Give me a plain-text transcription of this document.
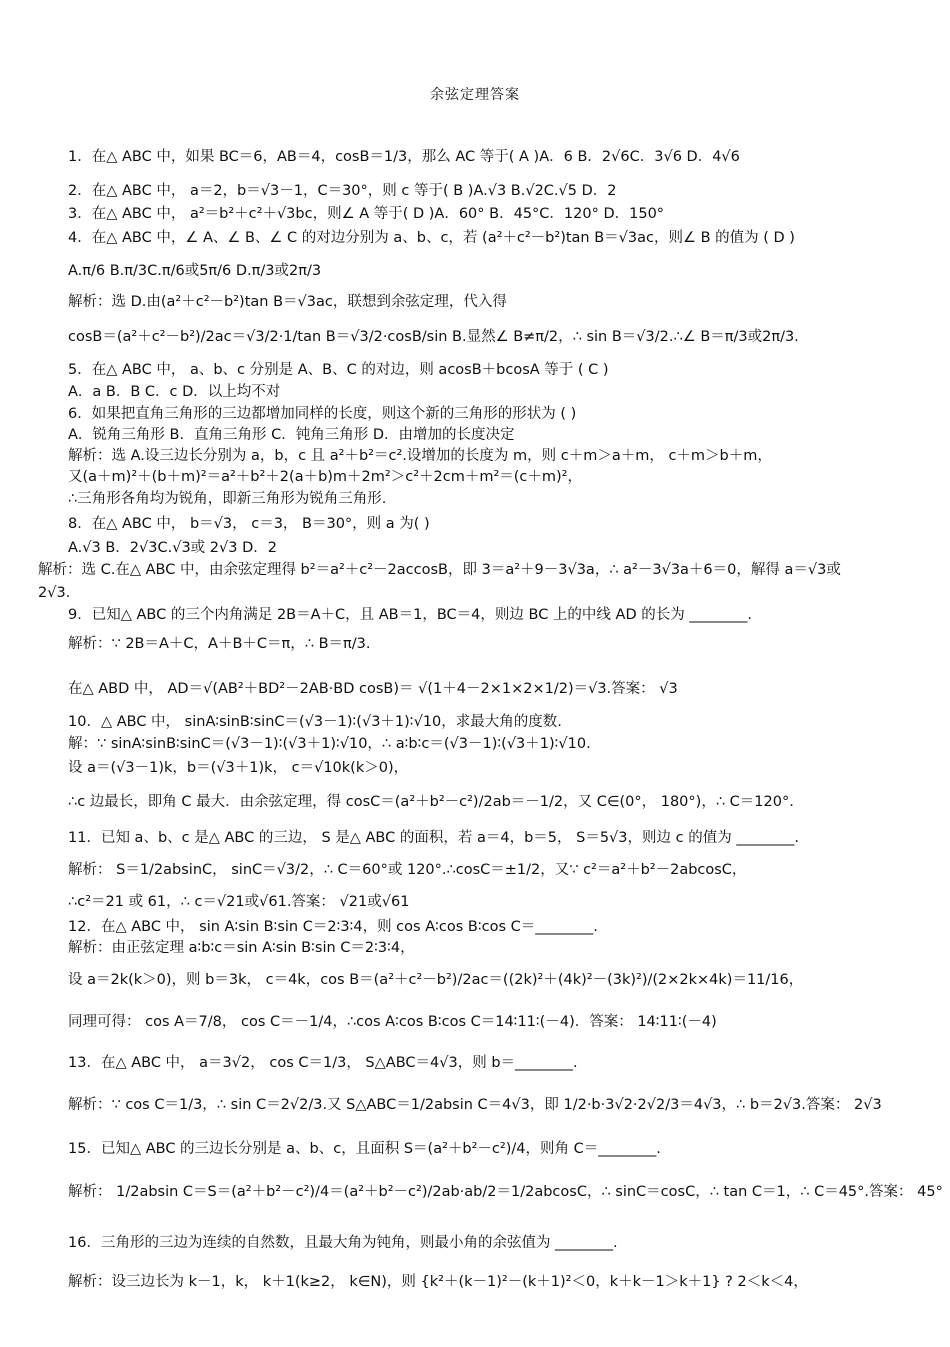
余弦定理答案
1．在△ ABC 中，如果 BC＝6，AB＝4，cosB＝1/3，那么 AC 等于( A )A．6 B．2√6C．3√6 D．4√6
2．在△ ABC 中， a＝2，b＝√3－1，C＝30°，则 c 等于( B )A.√3 B.√2C.√5 D．2
3．在△ ABC 中， a²＝b²＋c²＋√3bc，则∠ A 等于( D )A．60° B．45°C．120° D．150°
4．在△ ABC 中，∠ A、∠ B、∠ C 的对边分别为 a、b、c，若 (a²＋c²－b²)tan B＝√3ac，则∠ B 的值为 ( D )
A.π/6 B.π/3C.π/6或5π/6 D.π/3或2π/3
解析：选 D.由(a²＋c²－b²)tan B＝√3ac，联想到余弦定理，代入得
cosB＝(a²＋c²－b²)/2ac＝√3/2·1/tan B＝√3/2·cosB/sin B.显然∠ B≠π/2，∴ sin B＝√3/2.∴∠ B＝π/3或2π/3.
5．在△ ABC 中， a、b、c 分别是 A、B、C 的对边，则 acosB＋bcosA 等于 ( C )
A．a B．B C．c D．以上均不对
6．如果把直角三角形的三边都增加同样的长度，则这个新的三角形的形状为 ( )
A．锐角三角形 B．直角三角形 C．钝角三角形 D．由增加的长度决定
解析：选 A.设三边长分别为 a，b，c 且 a²＋b²＝c².设增加的长度为 m，则 c＋m＞a＋m， c＋m＞b＋m，
又(a＋m)²＋(b＋m)²＝a²＋b²＋2(a＋b)m＋2m²＞c²＋2cm＋m²＝(c＋m)²，
∴三角形各角均为锐角，即新三角形为锐角三角形.
8．在△ ABC 中， b＝√3， c＝3， B＝30°，则 a 为( )
A.√3 B．2√3C.√3或 2√3 D．2
解析：选 C.在△ ABC 中，由余弦定理得 b²＝a²＋c²－2accosB，即 3＝a²＋9－3√3a，∴ a²－3√3a＋6＝0，解得 a＝√3或
2√3.
9．已知△ ABC 的三个内角满足 2B＝A＋C，且 AB＝1，BC＝4，则边 BC 上的中线 AD 的长为 ________.
解析：∵ 2B＝A＋C，A＋B＋C＝π，∴ B＝π/3.
在△ ABD 中， AD＝√(AB²＋BD²－2AB·BD cosB)＝ √(1＋4－2×1×2×1/2)＝√3.答案： √3
10．△ ABC 中， sinA∶sinB∶sinC＝(√3－1)∶(√3＋1)∶√10，求最大角的度数.
解：∵ sinA∶sinB∶sinC＝(√3－1)∶(√3＋1)∶√10，∴ a∶b∶c＝(√3－1)∶(√3＋1)∶√10.
设 a＝(√3－1)k，b＝(√3＋1)k， c＝√10k(k＞0)，
∴c 边最长，即角 C 最大．由余弦定理，得 cosC＝(a²＋b²－c²)/2ab＝－1/2，又 C∈(0°， 180°)，∴ C＝120°.
11．已知 a、b、c 是△ ABC 的三边， S 是△ ABC 的面积，若 a＝4，b＝5， S＝5√3，则边 c 的值为 ________.
解析： S＝1/2absinC， sinC＝√3/2，∴ C＝60°或 120°.∴cosC＝±1/2，又∵ c²＝a²＋b²－2abcosC，
∴c²＝21 或 61，∴ c＝√21或√61.答案： √21或√61
12．在△ ABC 中， sin A∶sin B∶sin C＝2∶3∶4，则 cos A∶cos B∶cos C＝________.
解析：由正弦定理 a∶b∶c＝sin A∶sin B∶sin C＝2∶3∶4，
设 a＝2k(k＞0)，则 b＝3k， c＝4k，cos B＝(a²＋c²－b²)/2ac＝((2k)²＋(4k)²－(3k)²)/(2×2k×4k)＝11/16，
同理可得： cos A＝7/8， cos C＝－1/4，∴cos A∶cos B∶cos C＝14∶11∶(－4)．答案： 14∶11∶(－4)
13．在△ ABC 中， a＝3√2， cos C＝1/3， S△ABC＝4√3，则 b＝________.
解析：∵ cos C＝1/3，∴ sin C＝2√2/3.又 S△ABC＝1/2absin C＝4√3，即 1/2·b·3√2·2√2/3＝4√3，∴ b＝2√3.答案： 2√3
15．已知△ ABC 的三边长分别是 a、b、c，且面积 S＝(a²＋b²－c²)/4，则角 C＝________.
解析： 1/2absin C＝S＝(a²＋b²－c²)/4＝(a²＋b²－c²)/2ab·ab/2＝1/2abcosC，∴ sinC＝cosC，∴ tan C＝1，∴ C＝45°.答案： 45°
16．三角形的三边为连续的自然数，且最大角为钝角，则最小角的余弦值为 ________.
解析：设三边长为 k－1，k， k＋1(k≥2， k∈N)，则 {k²＋(k－1)²－(k＋1)²＜0，k＋k－1＞k＋1} ? 2＜k＜4，
